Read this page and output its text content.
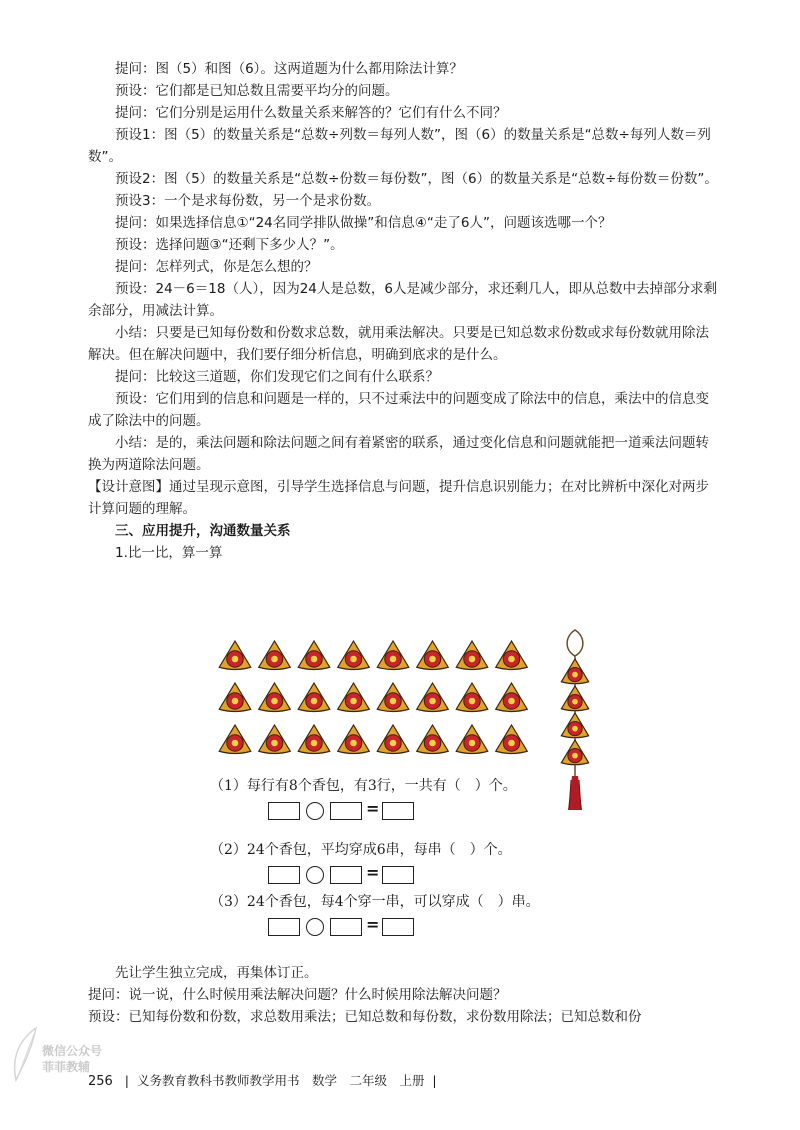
提问：图（5）和图（6）。这两道题为什么都用除法计算？

预设：它们都是已知总数且需要平均分的问题。

提问：它们分别是运用什么数量关系来解答的？它们有什么不同？

预设1：图（5）的数量关系是“总数÷列数＝每列人数”，图（6）的数量关系是“总数÷每列人数＝列数”。

预设2：图（5）的数量关系是“总数÷份数＝每份数”，图（6）的数量关系是“总数÷每份数＝份数”。

预设3：一个是求每份数，另一个是求份数。

提问：如果选择信息①“24名同学排队做操”和信息④“走了6人”，问题该选哪一个？

预设：选择问题③“还剩下多少人？”。

提问：怎样列式，你是怎么想的？

预设：24－6＝18（人），因为24人是总数，6人是减少部分，求还剩几人，即从总数中去掉部分求剩余部分，用减法计算。

小结：只要是已知每份数和份数求总数，就用乘法解决。只要是已知总数求份数或求每份数就用除法解决。但在解决问题中，我们要仔细分析信息，明确到底求的是什么。

提问：比较这三道题，你们发现它们之间有什么联系？

预设：它们用到的信息和问题是一样的，只不过乘法中的问题变成了除法中的信息，乘法中的信息变成了除法中的问题。

小结：是的，乘法问题和除法问题之间有着紧密的联系，通过变化信息和问题就能把一道乘法问题转换为两道除法问题。

【设计意图】通过呈现示意图，引导学生选择信息与问题，提升信息识别能力；在对比辨析中深化对两步计算问题的理解。

三、应用提升，沟通数量关系

1.比一比，算一算

（1）每行有8个香包，有3行，一共有（　）个。
=
（2）24个香包，平均穿成6串，每串（　）个。
=
（3）24个香包，每4个穿一串，可以穿成（　）串。
=

先让学生独立完成，再集体订正。

提问：说一说，什么时候用乘法解决问题？什么时候用除法解决问题？

预设：已知每份数和份数，求总数用乘法；已知总数和每份数，求份数用除法；已知总数和份

微信公众号
菲菲教辅
256   |  义务教育教科书教师教学用书　数学　二年级　上册  |
